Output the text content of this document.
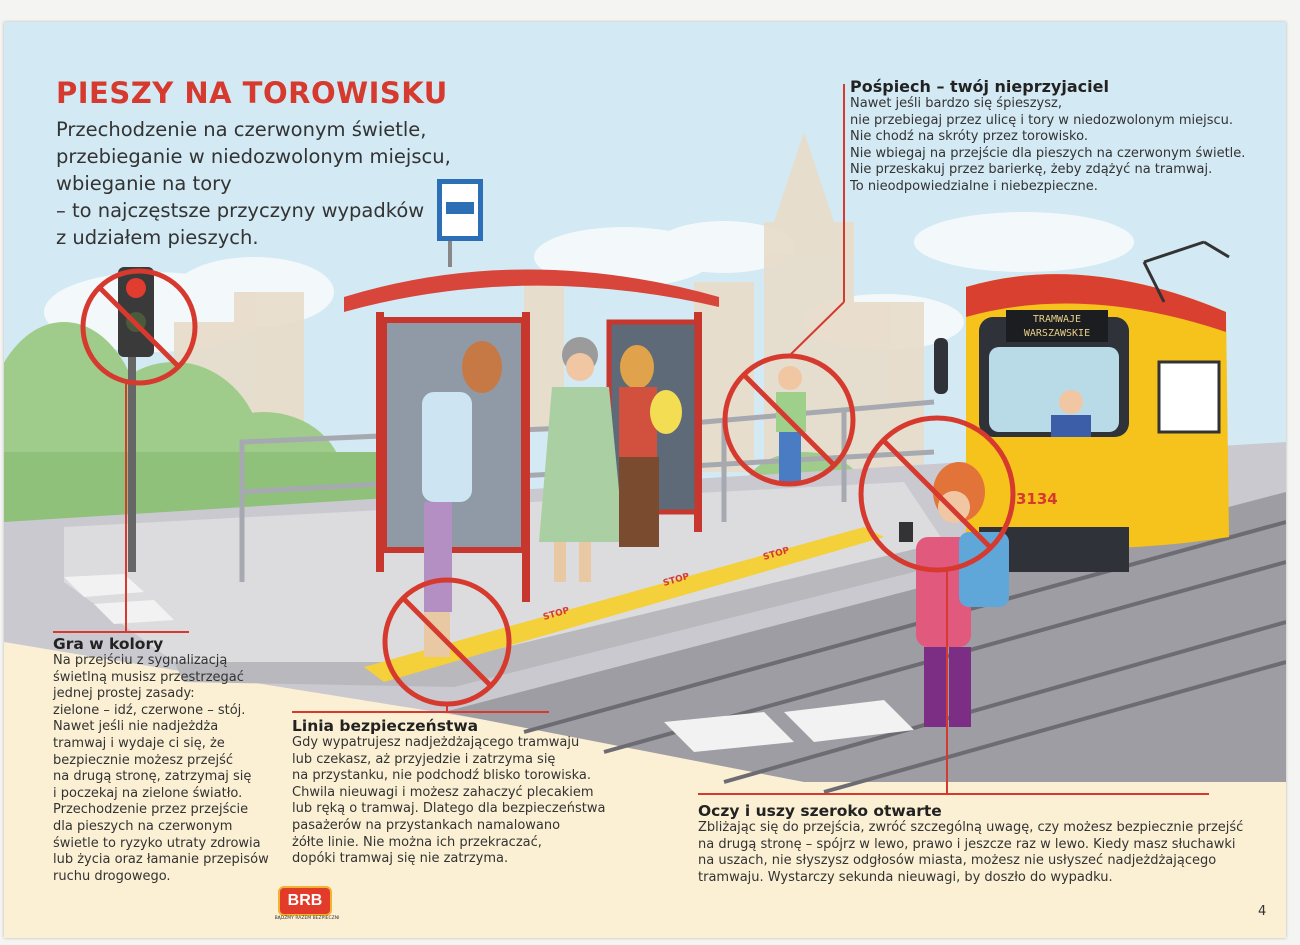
STOP
STOP
STOP
TRAMWAJE
WARSZAWSKIE
3134
PIESZY NA TOROWISKU
Przechodzenie na czerwonym świetle,
przebieganie w niedozwolonym miejscu,
wbieganie na tory
– to najczęstsze przyczyny wypadków
z udziałem pieszych.
Pośpiech – twój nieprzyjaciel
Nawet jeśli bardzo się śpieszysz,
nie przebiegaj przez ulicę i tory w niedozwolonym miejscu.
Nie chodź na skróty przez torowisko.
Nie wbiegaj na przejście dla pieszych na czerwonym świetle.
Nie przeskakuj przez barierkę, żeby zdążyć na tramwaj.
To nieodpowiedzialne i niebezpieczne.
Gra w kolory
Na przejściu z sygnalizacją
świetlną musisz przestrzegać
jednej prostej zasady:
zielone – idź, czerwone – stój.
Nawet jeśli nie nadjeżdża
tramwaj i wydaje ci się, że
bezpiecznie możesz przejść
na drugą stronę, zatrzymaj się
i poczekaj na zielone światło.
Przechodzenie przez przejście
dla pieszych na czerwonym
świetle to ryzyko utraty zdrowia
lub życia oraz łamanie przepisów
ruchu drogowego.
Linia bezpieczeństwa
Gdy wypatrujesz nadjeżdżającego tramwaju
lub czekasz, aż przyjedzie i zatrzyma się
na przystanku, nie podchodź blisko torowiska.
Chwila nieuwagi i możesz zahaczyć plecakiem
lub ręką o tramwaj. Dlatego dla bezpieczeństwa
pasażerów na przystankach namalowano
żółte linie. Nie można ich przekraczać,
dopóki tramwaj się nie zatrzyma.
Oczy i uszy szeroko otwarte
Zbliżając się do przejścia, zwróć szczególną uwagę, czy możesz bezpiecznie przejść
na drugą stronę – spójrz w lewo, prawo i jeszcze raz w lewo. Kiedy masz słuchawki
na uszach, nie słyszysz odgłosów miasta, możesz nie usłyszeć nadjeżdżającego
tramwaju. Wystarczy sekunda nieuwagi, by doszło do wypadku.
BRB
BĄDŹMY RAZEM BEZPIECZNI	4
